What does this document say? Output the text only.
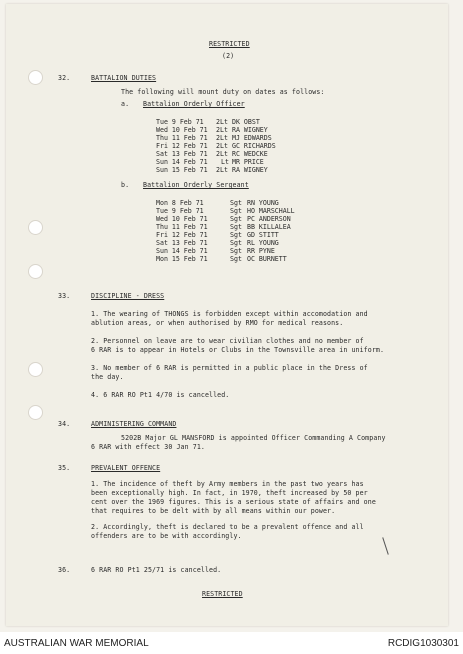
RESTRICTED
(2)
32.	BATTALION DUTIES
The following will mount duty on dates as follows:
a. Battalion Orderly Officer
Tue 9 Feb 71 2Lt DK OBST
Wed 10 Feb 71 2Lt RA WIGNEY
Thu 11 Feb 71 2Lt MJ EDWARDS
Fri 12 Feb 71 2Lt GC RICHARDS
Sat 13 Feb 71 2Lt RC WEDCKE
Sun 14 Feb 71 Lt MR PRICE
Sun 15 Feb 71 2Lt RA WIGNEY
b. Battalion Orderly Sergeant
Mon 8 Feb 71	Sgt RN YOUNG
Tue 9 Feb 71	Sgt HO MARSCHALL
Wed 10 Feb 71	Sgt PC ANDERSON
Thu 11 Feb 71	Sgt BB KILLALEA
Fri 12 Feb 71	Sgt GD STITT
Sat 13 Feb 71	Sgt RL YOUNG
Sun 14 Feb 71	Sgt RR PYNE
Mon 15 Feb 71	Sgt OC BURNETT
33.	DISCIPLINE - DRESS
1. The wearing of THONGS is forbidden except within accomodation and
ablution areas, or when authorised by RMO for medical reasons.
2. Personnel on leave are to wear civilian clothes and no member of
6 RAR is to appear in Hotels or Clubs in the Townsville area in uniform.
3. No member of 6 RAR is permitted in a public place in the Dress of
the day.
4. 6 RAR RO Pt1 4/70 is cancelled.
34.	ADMINISTERING COMMAND
5202B Major GL MANSFORD is appointed Officer Commanding A Company
6 RAR with effect 30 Jan 71.
35.	PREVALENT OFFENCE
1. The incidence of theft by Army members in the past two years has
been exceptionally high. In fact, in 1970, theft increased by 50 per
cent over the 1969 figures. This is a serious state of affairs and one
that requires to be delt with by all means within our power.
2. Accordingly, theft is declared to be a prevalent offence and all
offenders are to be with accordingly.
36.	6 RAR RO Pt1 25/71 is cancelled.
RESTRICTED
AUSTRALIAN WAR MEMORIAL	RCDIG1030301
